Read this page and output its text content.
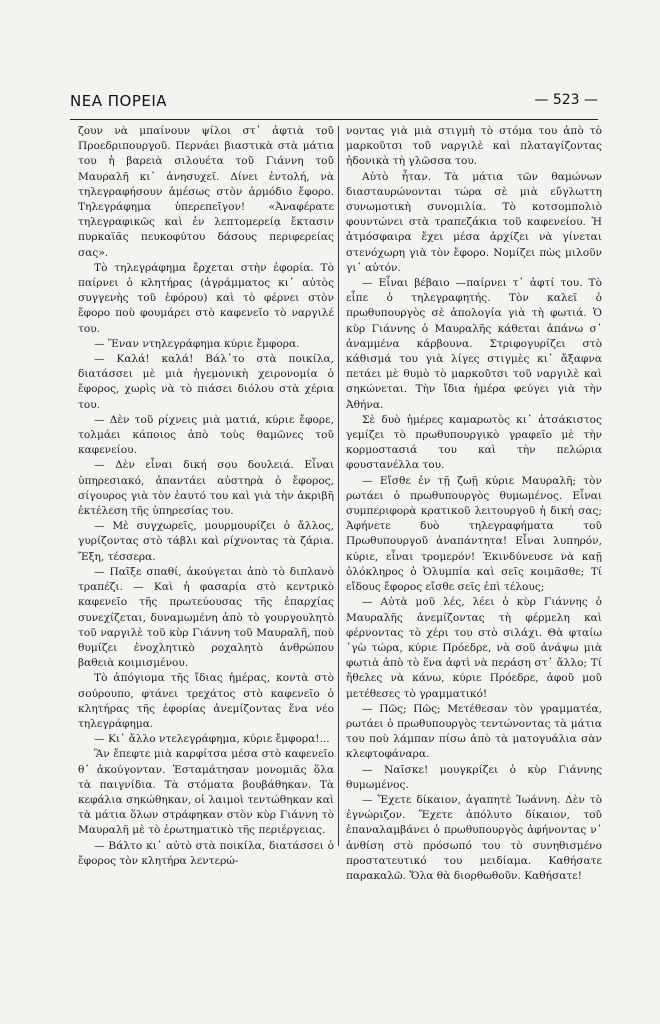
ΝΕΑ ΠΟΡΕΙΑ	— 523 —

ζουν νὰ μπαίνουν ψίλοι στ᾽ ἀφτιὰ τοῦ Προεδριπουργοῦ. Περνάει βιαστικὰ στὰ μάτια του ἡ βαρειὰ σιλουέτα τοῦ Γιάννη τοῦ Μαυραλῆ κι᾽ ἀνησυχεῖ. Δίνει ἐντολή, νὰ τηλεγραφήσουν ἀμέσως στὸν ἁρμόδιο ἔφορο. Τηλεγράφημα ὑπερεπεῖγον! «Ἀναφέρατε τηλεγραφικῶς καὶ ἐν λεπτομερείᾳ ἔκτασιν πυρκαϊᾶς πευκοφύτου δάσους περιφερείας σας».

Τὸ τηλεγράφημα ἔρχεται στὴν ἐφορία. Τὸ παίρνει ὁ κλητήρας (ἀγράμματος κι᾽ αὐτὸς συγγενὴς τοῦ ἐφόρου) καὶ τὸ φέρνει στὸν ἔφορο ποὺ φουμάρει στὸ καφενεῖο τὸ ναργιλέ του.

— Ἕναν ντηλεγράφημα κύριε ἔμφορα.

— Καλά! καλά! Βάλ᾽το στὰ ποικίλα, διατάσσει μὲ μιὰ ἡγεμονικὴ χειρονομία ὁ ἔφορος, χωρὶς νὰ τὸ πιάσει διόλου στὰ χέρια του.

— Δὲν τοῦ ρίχνεις μιὰ ματιά, κύριε ἔφορε, τολμάει κάποιος ἀπὸ τοὺς θαμῶνες τοῦ καφενείου.

— Δὲν εἶναι δική σου δουλειά. Εἶναι ὑπηρεσιακό, ἀπαντάει αὐστηρὰ ὁ ἔφορος, σίγουρος γιὰ τὸν ἑαυτό του καὶ γιὰ τὴν ἀκριβῆ ἐκτέλεση τῆς ὑπηρεσίας του.

— Μὲ συγχωρεῖς, μουρμουρίζει ὁ ἄλλος, γυρίζοντας στὸ τάβλι καὶ ρίχνοντας τὰ ζάρια. Ἔξη, τέσσερα.

— Παῖξε σπαθί, ἀκούγεται ἀπὸ τὸ διπλανὸ τραπέζι. — Καὶ ἡ φασαρία στὸ κεντρικὸ καφενεῖο τῆς πρωτεύουσας τῆς ἐπαρχίας συνεχίζεται, δυναμωμένη ἀπὸ τὸ γουργουλητὸ τοῦ ναργιλὲ τοῦ κὺρ Γιάννη τοῦ Μαυραλῆ, ποὺ θυμίζει ἐνοχλητικὸ ροχαλητὸ ἀνθρώπου βαθειὰ κοιμισμένου.

Τὸ ἀπόγιομα τῆς ἴδιας ἡμέρας, κοντὰ στὸ σούρουπο, φτάνει τρεχάτος στὸ καφενεῖο ὁ κλητήρας τῆς ἐφορίας ἀνεμίζοντας ἕνα νέο τηλεγράφημα.

— Κι᾽ ἄλλο ντελεγράφημα, κύριε ἔμφορα!...

Ἂν ἔπεφτε μιὰ καρφίτσα μέσα στὸ καφενεῖο θ᾽ ἀκούγονταν. Ἐσταμάτησαν μονομιᾶς ὅλα τὰ παιγνίδια. Τὰ στόματα βουβάθηκαν. Τὰ κεφάλια σηκώθηκαν, οἱ λαιμοὶ τεντώθηκαν καὶ τὰ μάτια ὅλων στράφηκαν στὸν κὺρ Γιάννη τὸ Μαυραλῆ μὲ τὸ ἐρωτηματικὸ τῆς περιέργειας.

— Βάλτο κι᾽ αὐτὸ στὰ ποικίλα, διατάσσει ὁ ἔφορος τὸν κλητήρα λεντερώ-

νοντας γιὰ μιὰ στιγμὴ τὸ στόμα του ἀπὸ τὸ μαρκοῦτσι τοῦ ναργιλὲ καὶ πλαταγίζοντας ἡδονικὰ τὴ γλῶσσα του.

Αὐτὸ ἦταν. Τὰ μάτια τῶν θαμώνων διασταυρώνονται τώρα σὲ μιὰ εὔγλωττη συνωμοτικὴ συνομιλία. Τὸ κοτσομπολιὸ φουντώνει στὰ τραπεζάκια τοῦ καφενείου. Ἡ ἀτμόσφαιρα ἔχει μέσα ἀρχίζει νὰ γίνεται στενόχωρη γιὰ τὸν ἔφορο. Νομίζει πὼς μιλοῦν γι᾽ αὐτόν.

— Εἶναι βέβαιο —παίρνει τ᾽ ἀφτί του. Τὸ εἶπε ὁ τηλεγραφητής. Τὸν καλεῖ ὁ πρωθυπουργὸς σὲ ἀπολογία γιὰ τὴ φωτιά. Ὁ κὺρ Γιάννης ὁ Μαυραλῆς κάθεται ἀπάνω σ᾽ ἀναμμένα κάρβουνα. Στριφογυρίζει στὸ κάθισμά του γιὰ λίγες στιγμὲς κι᾽ ἄξαφνα πετάει μὲ θυμὸ τὸ μαρκοῦτσι τοῦ ναργιλὲ καὶ σηκώνεται. Τὴν ἴδια ἡμέρα φεύγει γιὰ τὴν Ἀθήνα.

Σὲ δυὸ ἡμέρες καμαρωτὸς κι᾽ ἀτσάκιστος γεμίζει τὸ πρωθυπουργικὸ γραφεῖο μὲ τὴν κορμοστασιά του καὶ τὴν πελώρια φουστανέλλα του.

— Εἴσθε ἐν τῇ ζωῇ κύριε Μαυραλῆ; τὸν ρωτάει ὁ πρωθυπουργὸς θυμωμένος. Εἶναι συμπεριφορὰ κρατικοῦ λειτουργοῦ ἡ δική σας; Ἀφήνετε δυὸ τηλεγραφήματα τοῦ Πρωθυπουργοῦ ἀναπάντητα! Εἶναι λυπηρόν, κύριε, εἶναι τρομερόν! Ἐκινδύνευσε νὰ καῇ ὁλόκληρος ὁ Ὀλυμπία καὶ σεῖς κοιμᾶσθε; Τί εἴδους ἔφορος εἴσθε σεῖς ἐπὶ τέλους;

— Αὐτὰ μοῦ λές, λέει ὁ κὺρ Γιάννης ὁ Μαυραλῆς ἀνεμίζοντας τὴ φέρμελη καὶ φέρνοντας τὸ χέρι του στὸ σιλάχι. Θὰ φταίω ᾽γὼ τώρα, κύριε Πρόεδρε, νὰ σοῦ ἀνάψω μιὰ φωτιὰ ἀπὸ τὸ ἕνα ἀφτὶ νὰ περάση στ᾽ ἄλλο; Τί ἤθελες νὰ κάνω, κύριε Πρόεδρε, ἀφοῦ μοῦ μετέθεσες τὸ γραμματικό!

— Πῶς; Πῶς; Μετέθεσαν τὸν γραμματέα, ρωτάει ὁ πρωθυπουργὸς τεντώνοντας τὰ μάτια του ποὺ λάμπαν πίσω ἀπὸ τὰ ματογυάλια σὰν κλεφτοφάναρα.

— Ναῖσκε! μουγκρίζει ὁ κὺρ Γιάννης θυμωμένος.

— Ἔχετε δίκαιον, ἀγαπητὲ Ἰωάννη. Δὲν τὸ ἐγνώριζον. Ἔχετε ἀπόλυτο δίκαιον, τοῦ ἐπαναλαμβάνει ὁ πρωθυπουργὸς ἀφήνοντας ν᾽ ἀνθίση στὸ πρόσωπό του τὸ συνηθισμένο προστατευτικό του μειδίαμα. Καθήσατε παρακαλῶ. Ὅλα θὰ διορθωθοῦν. Καθήσατε!
